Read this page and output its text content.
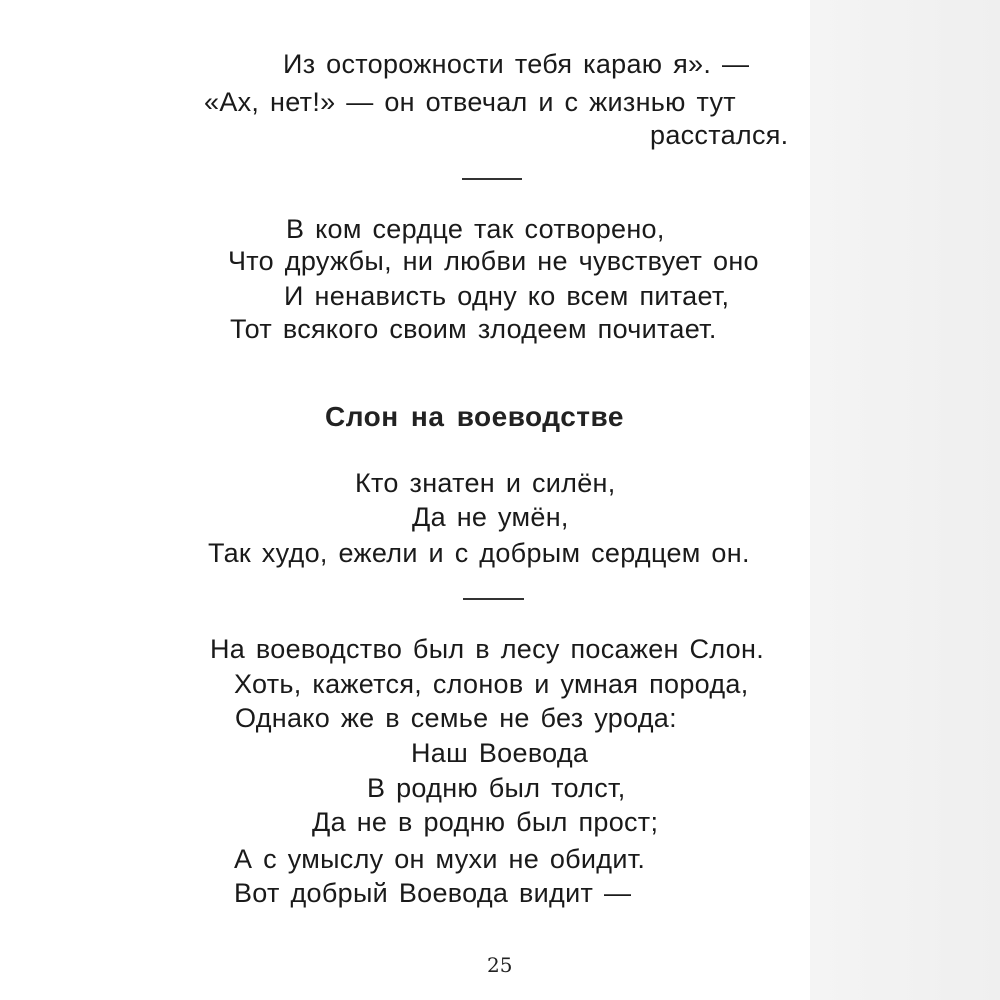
Из осторожности тебя караю я». —
«Ах, нет!» — он отвечал и с жизнью тут
расстался.
В ком сердце так сотворено,
Что дружбы, ни любви не чувствует оно
И ненависть одну ко всем питает,
Тот всякого своим злодеем почитает.
Слон на воеводстве
Кто знатен и силён,
Да не умён,
Так худо, ежели и с добрым сердцем он.
На воеводство был в лесу посажен Слон.
Хоть, кажется, слонов и умная порода,
Однако же в семье не без урода:
Наш Воевода
В родню был толст,
Да не в родню был прост;
А с умыслу он мухи не обидит.
Вот добрый Воевода видит —
25
